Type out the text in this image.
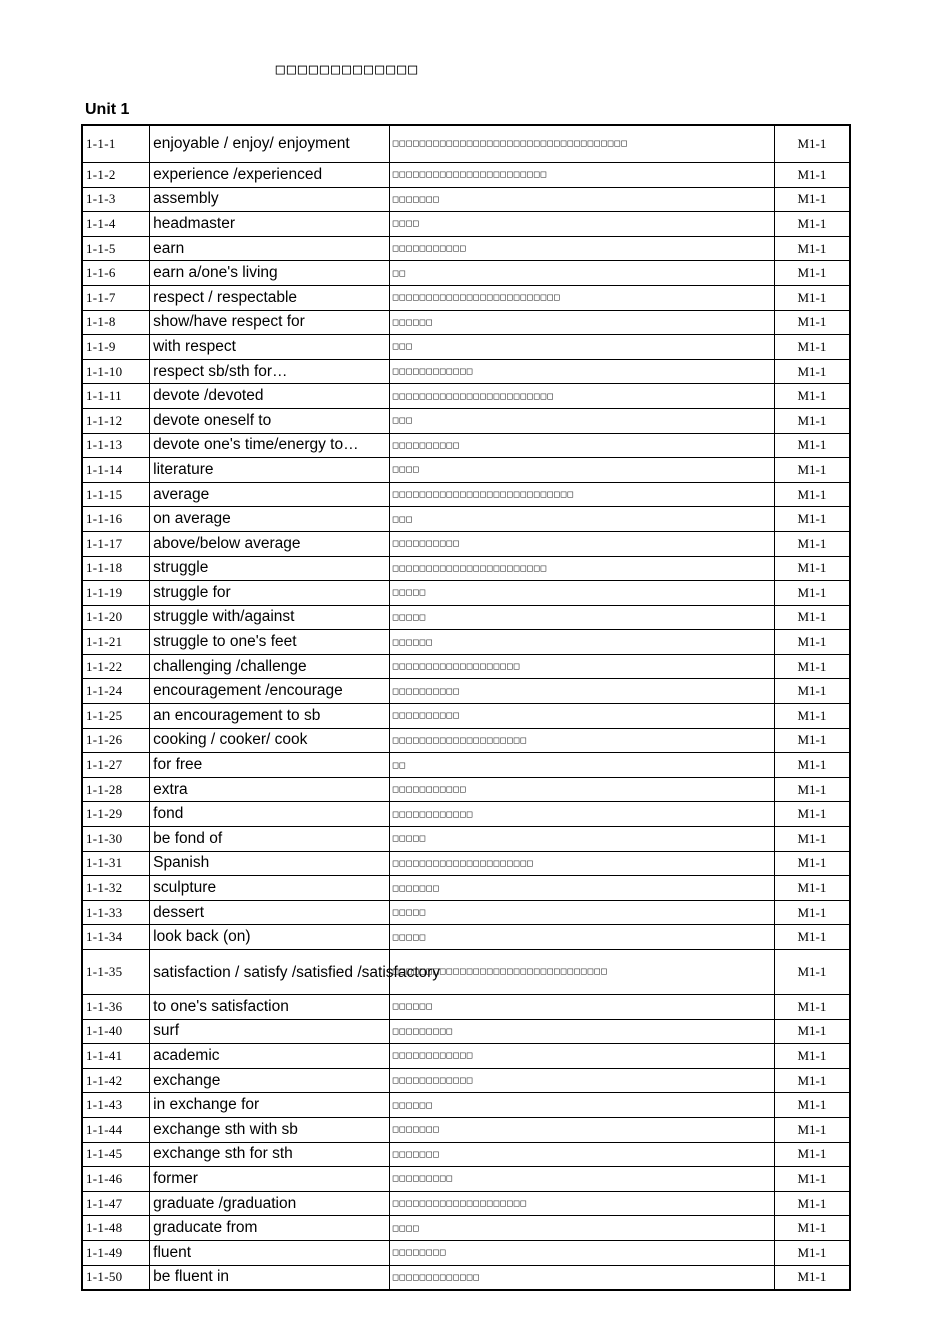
□□□□□□□□□□□□□
Unit 1
1-1-1	enjoyable / enjoy/ enjoyment	□□□□□□□□□□□□□□□□□□□□□□□□□□□□□□□□□□□	M1-1
1-1-2	experience /experienced	□□□□□□□□□□□□□□□□□□□□□□□	M1-1
1-1-3	assembly	□□□□□□□	M1-1
1-1-4	headmaster	□□□□	M1-1
1-1-5	earn	□□□□□□□□□□□	M1-1
1-1-6	earn a/one's living	□□	M1-1
1-1-7	respect / respectable	□□□□□□□□□□□□□□□□□□□□□□□□□	M1-1
1-1-8	show/have respect for	□□□□□□	M1-1
1-1-9	with respect	□□□	M1-1
1-1-10	respect sb/sth for…	□□□□□□□□□□□□	M1-1
1-1-11	devote /devoted	□□□□□□□□□□□□□□□□□□□□□□□□	M1-1
1-1-12	devote oneself to	□□□	M1-1
1-1-13	devote one's time/energy to…	□□□□□□□□□□	M1-1
1-1-14	literature	□□□□	M1-1
1-1-15	average	□□□□□□□□□□□□□□□□□□□□□□□□□□□	M1-1
1-1-16	on average	□□□	M1-1
1-1-17	above/below average	□□□□□□□□□□	M1-1
1-1-18	struggle	□□□□□□□□□□□□□□□□□□□□□□□	M1-1
1-1-19	struggle for	□□□□□	M1-1
1-1-20	struggle with/against	□□□□□	M1-1
1-1-21	struggle to one's feet	□□□□□□	M1-1
1-1-22	challenging /challenge	□□□□□□□□□□□□□□□□□□□	M1-1
1-1-24	encouragement /encourage	□□□□□□□□□□	M1-1
1-1-25	an encouragement to sb	□□□□□□□□□□	M1-1
1-1-26	cooking / cooker/ cook	□□□□□□□□□□□□□□□□□□□□	M1-1
1-1-27	for free	□□	M1-1
1-1-28	extra	□□□□□□□□□□□	M1-1
1-1-29	fond	□□□□□□□□□□□□	M1-1
1-1-30	be fond of	□□□□□	M1-1
1-1-31	Spanish	□□□□□□□□□□□□□□□□□□□□□	M1-1
1-1-32	sculpture	□□□□□□□	M1-1
1-1-33	dessert	□□□□□	M1-1
1-1-34	look back (on)	□□□□□	M1-1
1-1-35	satisfaction / satisfy /satisfied /satisfactory	□□□□□□□□□□□□□□□□□□□□□□□□□□□□□□□□	M1-1
1-1-36	to one's satisfaction	□□□□□□	M1-1
1-1-40	surf	□□□□□□□□□	M1-1
1-1-41	academic	□□□□□□□□□□□□	M1-1
1-1-42	exchange	□□□□□□□□□□□□	M1-1
1-1-43	in exchange for	□□□□□□	M1-1
1-1-44	exchange sth with sb	□□□□□□□	M1-1
1-1-45	exchange sth for sth	□□□□□□□	M1-1
1-1-46	former	□□□□□□□□□	M1-1
1-1-47	graduate /graduation	□□□□□□□□□□□□□□□□□□□□	M1-1
1-1-48	graducate from	□□□□	M1-1
1-1-49	fluent	□□□□□□□□	M1-1
1-1-50	be fluent in	□□□□□□□□□□□□□	M1-1
